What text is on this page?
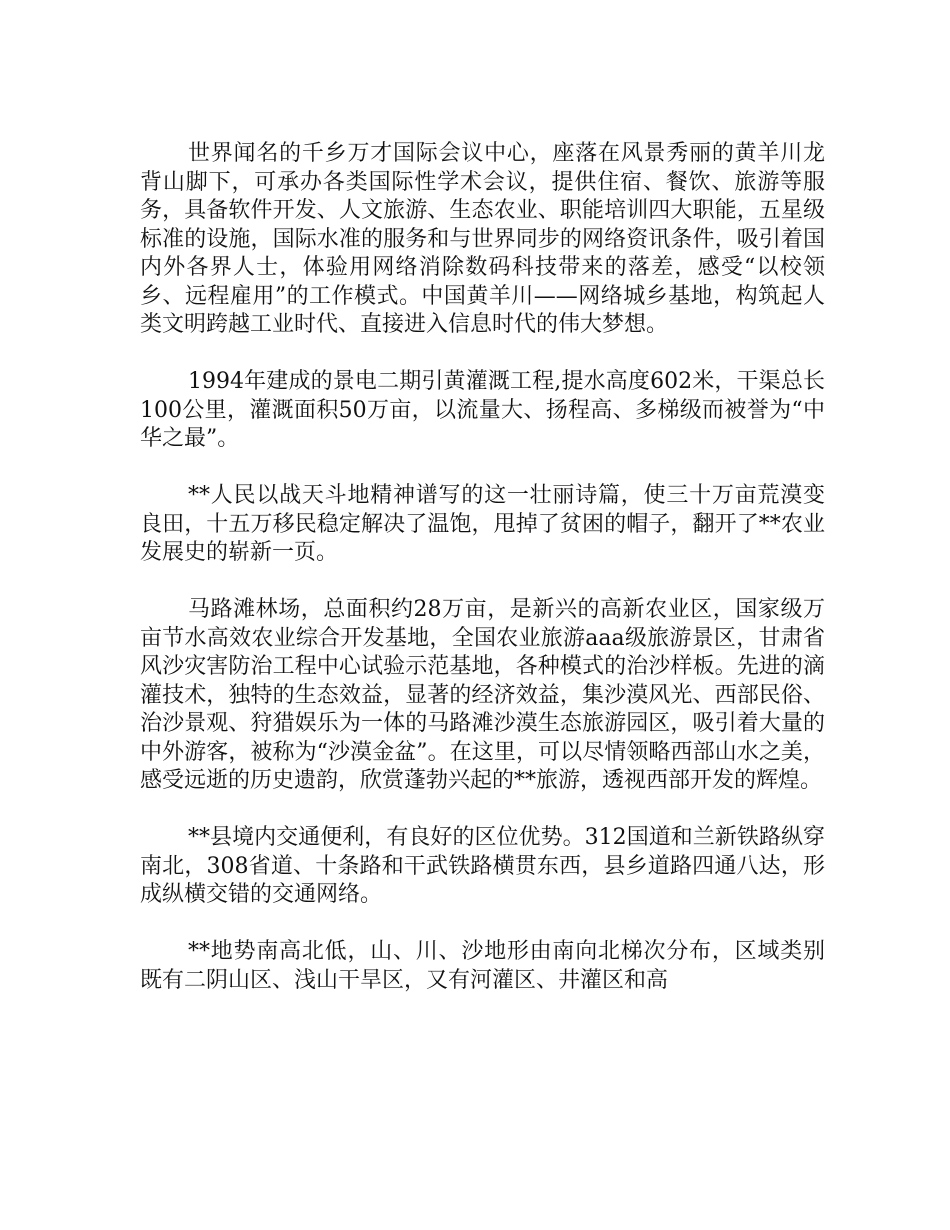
世界闻名的千乡万才国际会议中心，座落在风景秀丽的黄羊川龙背山脚下，可承办各类国际性学术会议，提供住宿、餐饮、旅游等服务，具备软件开发、人文旅游、生态农业、职能培训四大职能，五星级标准的设施，国际水准的服务和与世界同步的网络资讯条件，吸引着国内外各界人士，体验用网络消除数码科技带来的落差，感受“以校领乡、远程雇用”的工作模式。中国黄羊川——网络城乡基地，构筑起人类文明跨越工业时代、直接进入信息时代的伟大梦想。

1994年建成的景电二期引黄灌溉工程,提水高度602米，干渠总长100公里，灌溉面积50万亩，以流量大、扬程高、多梯级而被誉为“中华之最”。

**人民以战天斗地精神谱写的这一壮丽诗篇，使三十万亩荒漠变良田，十五万移民稳定解决了温饱，甩掉了贫困的帽子，翻开了**农业发展史的崭新一页。

马路滩林场，总面积约28万亩，是新兴的高新农业区，国家级万亩节水高效农业综合开发基地，全国农业旅游aaa级旅游景区，甘肃省风沙灾害防治工程中心试验示范基地，各种模式的治沙样板。先进的滴灌技术，独特的生态效益，显著的经济效益，集沙漠风光、西部民俗、治沙景观、狩猎娱乐为一体的马路滩沙漠生态旅游园区，吸引着大量的中外游客，被称为“沙漠金盆”。在这里，可以尽情领略西部山水之美，感受远逝的历史遗韵，欣赏蓬勃兴起的**旅游，透视西部开发的辉煌。

**县境内交通便利，有良好的区位优势。312国道和兰新铁路纵穿南北，308省道、十条路和干武铁路横贯东西，县乡道路四通八达，形成纵横交错的交通网络。

**地势南高北低，山、川、沙地形由南向北梯次分布，区域类别既有二阴山区、浅山干旱区，又有河灌区、井灌区和高
